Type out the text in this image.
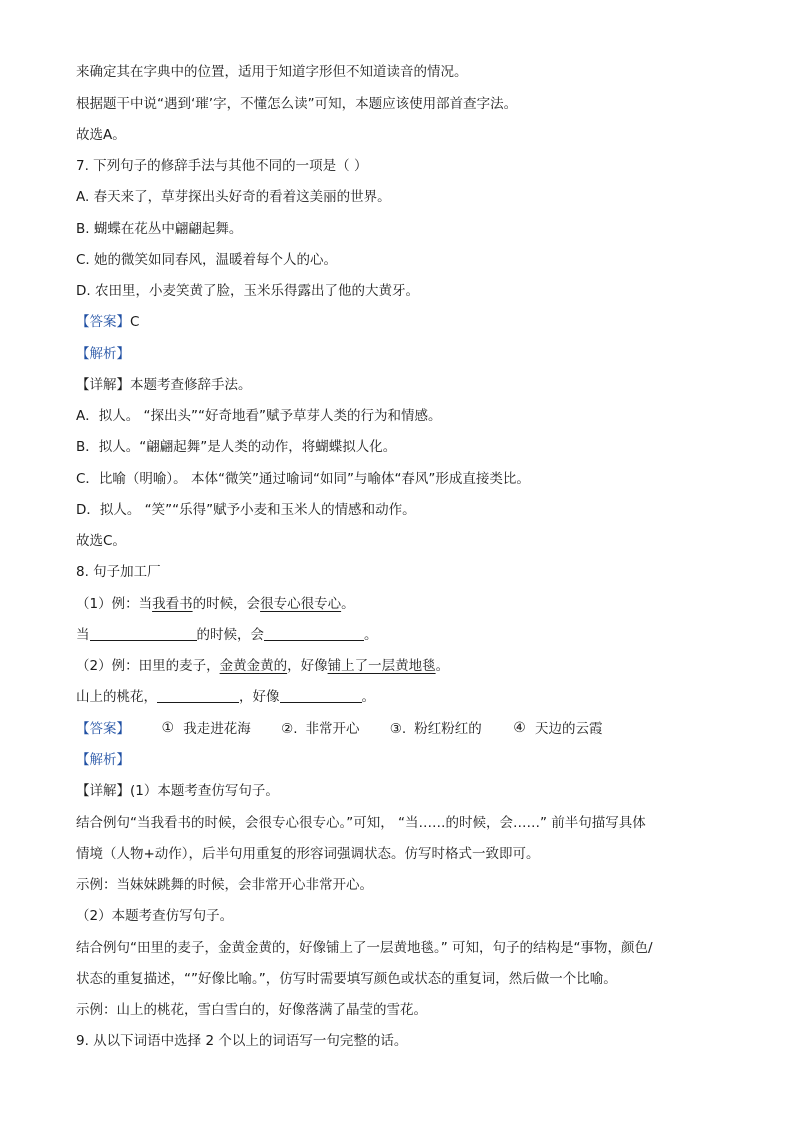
来确定其在字典中的位置，适用于知道字形但不知道读音的情况。
根据题干中说“遇到‘璀’字，不懂怎么读”可知，本题应该使用部首查字法。
故选A。
7. 下列句子的修辞手法与其他不同的一项是（ ）
A. 春天来了，草芽探出头好奇的看着这美丽的世界。
B. 蝴蝶在花丛中翩翩起舞。
C. 她的微笑如同春风，温暖着每个人的心。
D. 农田里，小麦笑黄了脸，玉米乐得露出了他的大黄牙。
【答案】C
【解析】
【详解】本题考查修辞手法。
A．拟人。 “探出头”“好奇地看”赋予草芽人类的行为和情感。
B．拟人。“翩翩起舞”是人类的动作，将蝴蝶拟人化。
C．比喻（明喻）。 本体“微笑”通过喻词“如同”与喻体“春风”形成直接类比。
D．拟人。 “笑”“乐得”赋予小麦和玉米人的情感和动作。
故选C。
8. 句子加工厂
（1）例：当我看书的时候，会很专心很专心。
当	的时候，会	。
（2）例：田里的麦子，金黄金黄的，好像铺上了一层黄地毯。
山上的桃花，	，好像	。
【答案】 ① 我走进花海 ②. 非常开心 ③. 粉红粉红的 ④ 天边的云霞
【解析】
【详解】(1）本题考查仿写句子。
结合例句“当我看书的时候，会很专心很专心。”可知， “当……的时候，会……” 前半句描写具体
情境（人物+动作），后半句用重复的形容词强调状态。仿写时格式一致即可。
示例：当妹妹跳舞的时候，会非常开心非常开心。
（2）本题考查仿写句子。
结合例句“田里的麦子，金黄金黄的，好像铺上了一层黄地毯。” 可知，句子的结构是“事物，颜色/
状态的重复描述，“”好像比喻。”，仿写时需要填写颜色或状态的重复词，然后做一个比喻。
示例：山上的桃花，雪白雪白的，好像落满了晶莹的雪花。
9. 从以下词语中选择 2 个以上的词语写一句完整的话。
